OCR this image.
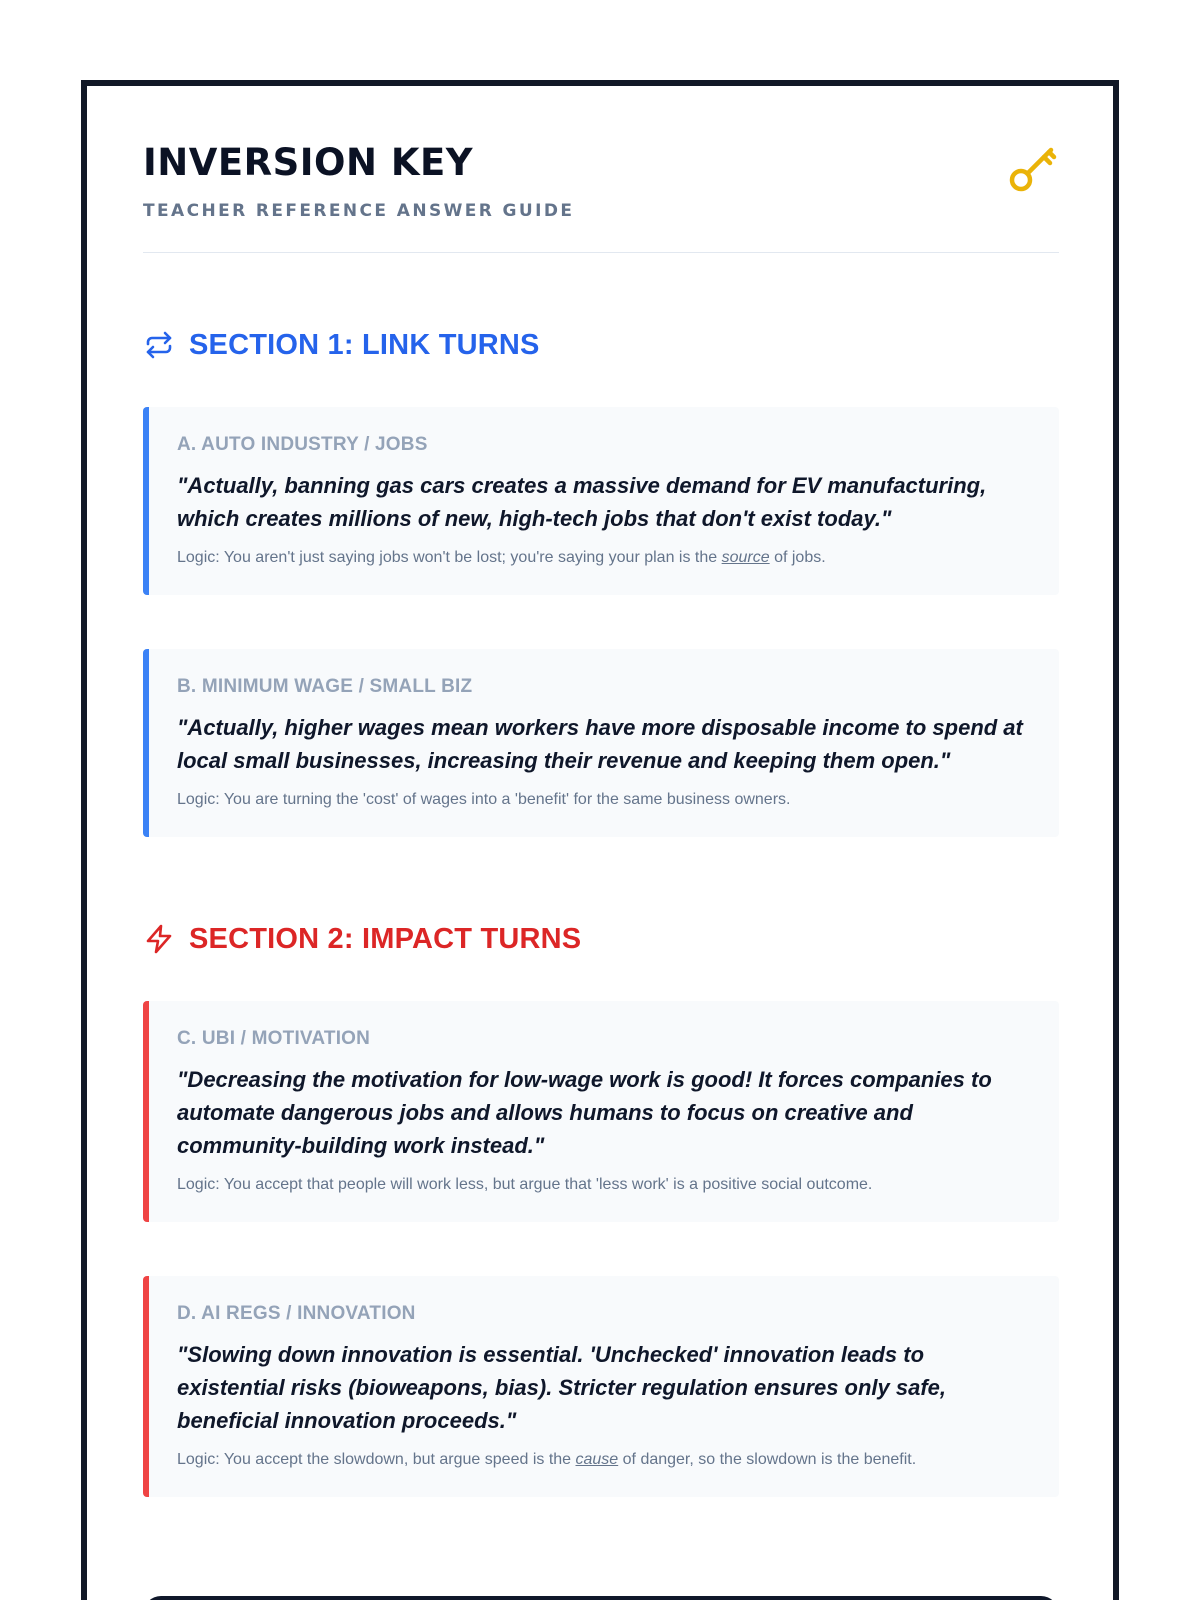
INVERSION KEY
TEACHER REFERENCE ANSWER GUIDE
SECTION 1: LINK TURNS
A. AUTO INDUSTRY / JOBS
"Actually, banning gas cars creates a massive demand for EV manufacturing, which creates millions of new, high-tech jobs that don't exist today."
Logic: You aren't just saying jobs won't be lost; you're saying your plan is the source of jobs.
B. MINIMUM WAGE / SMALL BIZ
"Actually, higher wages mean workers have more disposable income to spend at local small businesses, increasing their revenue and keeping them open."
Logic: You are turning the 'cost' of wages into a 'benefit' for the same business owners.
SECTION 2: IMPACT TURNS
C. UBI / MOTIVATION
"Decreasing the motivation for low-wage work is good! It forces companies to automate dangerous jobs and allows humans to focus on creative and community-building work instead."
Logic: You accept that people will work less, but argue that 'less work' is a positive social outcome.
D. AI REGS / INNOVATION
"Slowing down innovation is essential. 'Unchecked' innovation leads to existential risks (bioweapons, bias). Stricter regulation ensures only safe, beneficial innovation proceeds."
Logic: You accept the slowdown, but argue speed is the cause of danger, so the slowdown is the benefit.
